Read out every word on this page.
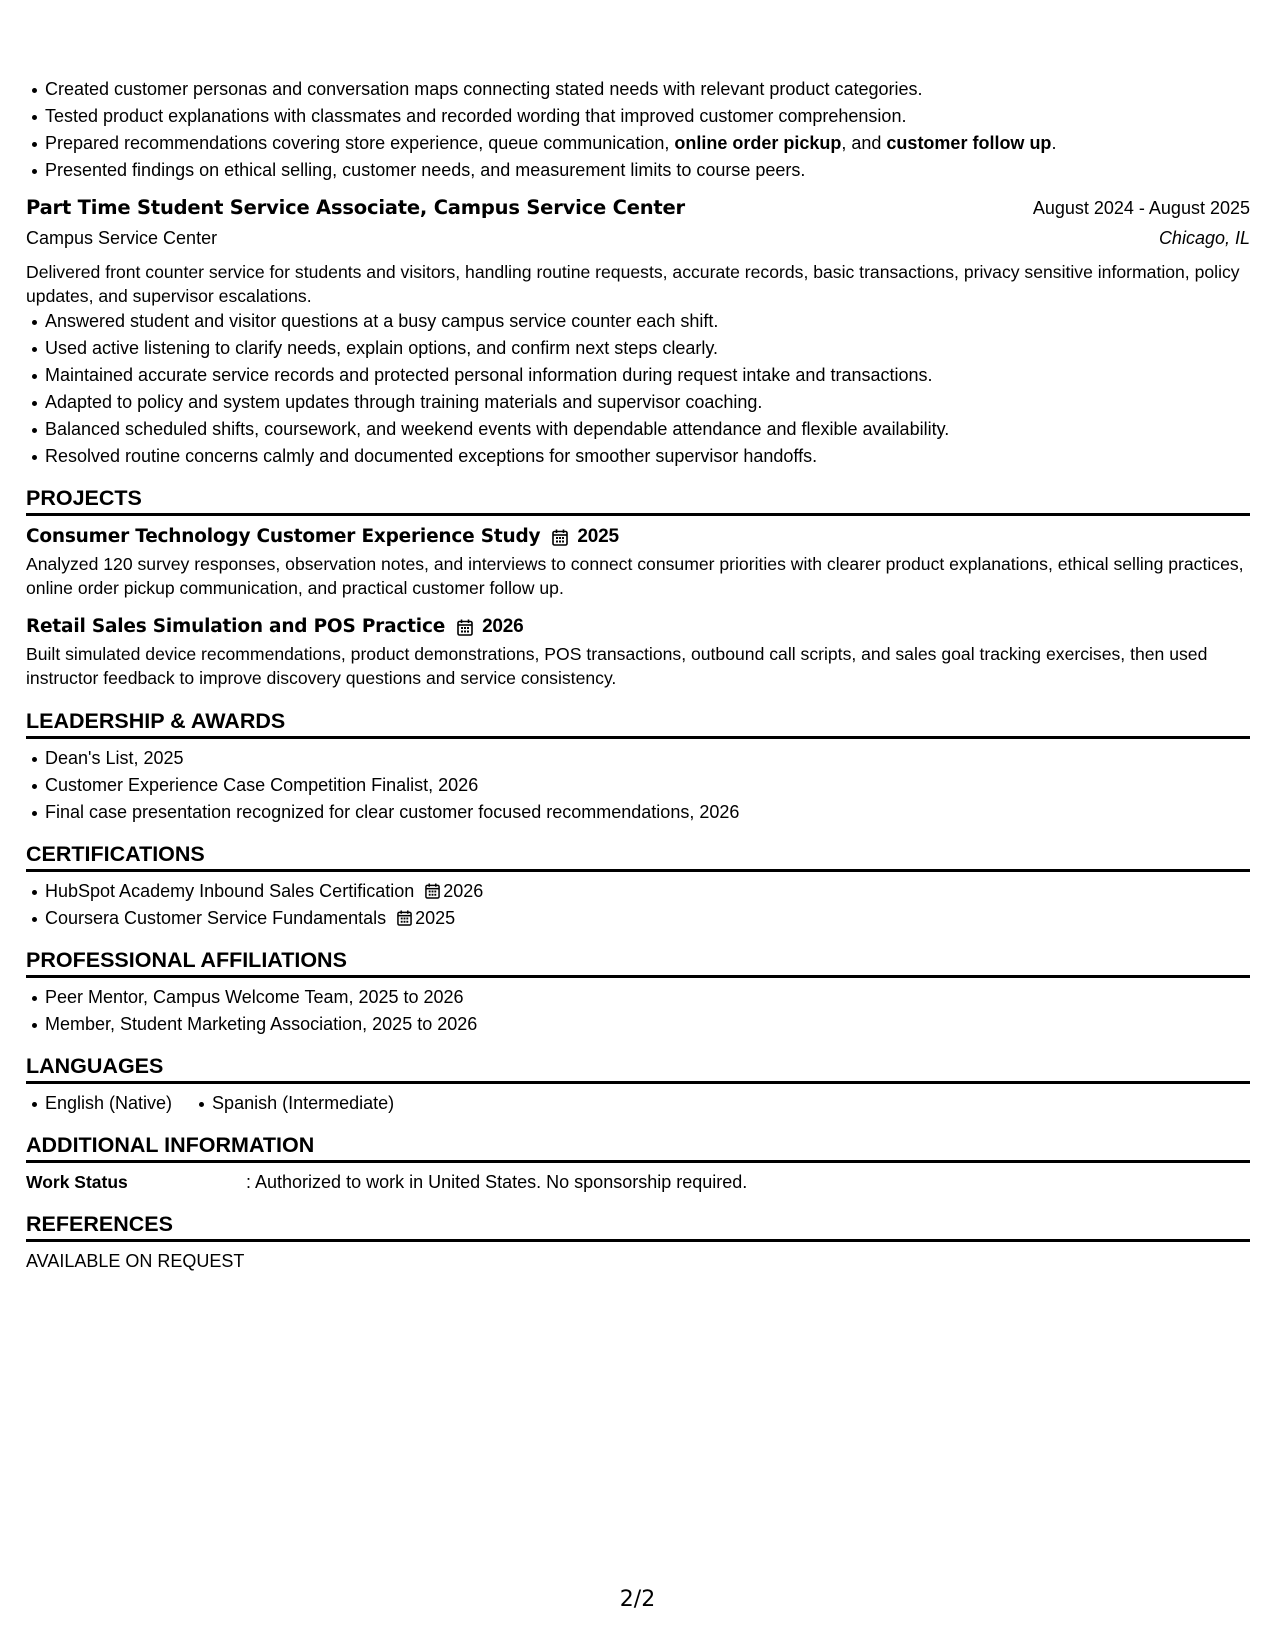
Created customer personas and conversation maps connecting stated needs with relevant product categories.
Tested product explanations with classmates and recorded wording that improved customer comprehension.
Prepared recommendations covering store experience, queue communication, online order pickup, and customer follow up.
Presented findings on ethical selling, customer needs, and measurement limits to course peers.
Part Time Student Service Associate, Campus Service Center	August 2024 - August 2025
Campus Service Center	Chicago, IL
Delivered front counter service for students and visitors, handling routine requests, accurate records, basic transactions, privacy sensitive information, policy updates, and supervisor escalations.
Answered student and visitor questions at a busy campus service counter each shift.
Used active listening to clarify needs, explain options, and confirm next steps clearly.
Maintained accurate service records and protected personal information during request intake and transactions.
Adapted to policy and system updates through training materials and supervisor coaching.
Balanced scheduled shifts, coursework, and weekend events with dependable attendance and flexible availability.
Resolved routine concerns calmly and documented exceptions for smoother supervisor handoffs.
PROJECTS
Consumer Technology Customer Experience Study 2025
Analyzed 120 survey responses, observation notes, and interviews to connect consumer priorities with clearer product explanations, ethical selling practices, online order pickup communication, and practical customer follow up.
Retail Sales Simulation and POS Practice 2026
Built simulated device recommendations, product demonstrations, POS transactions, outbound call scripts, and sales goal tracking exercises, then used instructor feedback to improve discovery questions and service consistency.
LEADERSHIP & AWARDS
Dean's List, 2025
Customer Experience Case Competition Finalist, 2026
Final case presentation recognized for clear customer focused recommendations, 2026
CERTIFICATIONS
HubSpot Academy Inbound Sales Certification 2026
Coursera Customer Service Fundamentals 2025
PROFESSIONAL AFFILIATIONS
Peer Mentor, Campus Welcome Team, 2025 to 2026
Member, Student Marketing Association, 2025 to 2026
LANGUAGES
English (Native) Spanish (Intermediate)
ADDITIONAL INFORMATION
Work Status	: Authorized to work in United States. No sponsorship required.
REFERENCES
AVAILABLE ON REQUEST
2/2
